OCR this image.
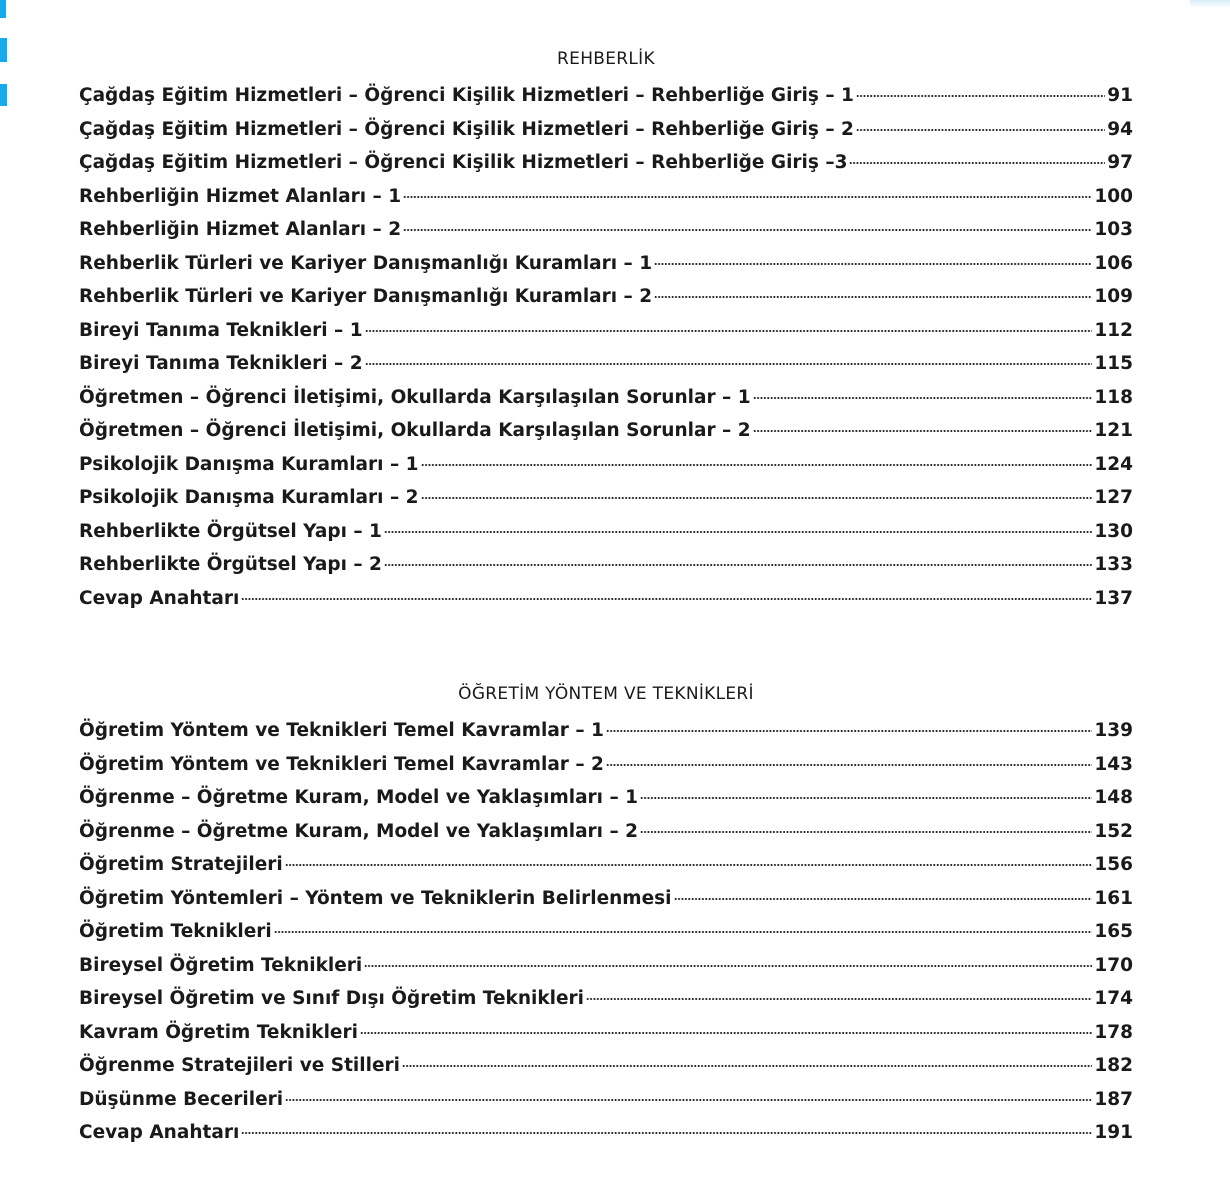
REHBERLİK
Çağdaş Eğitim Hizmetleri – Öğrenci Kişilik Hizmetleri – Rehberliğe Giriş – 1	91
Çağdaş Eğitim Hizmetleri – Öğrenci Kişilik Hizmetleri – Rehberliğe Giriş – 2	94
Çağdaş Eğitim Hizmetleri – Öğrenci Kişilik Hizmetleri – Rehberliğe Giriş –3	97
Rehberliğin Hizmet Alanları – 1	100
Rehberliğin Hizmet Alanları – 2	103
Rehberlik Türleri ve Kariyer Danışmanlığı Kuramları – 1	106
Rehberlik Türleri ve Kariyer Danışmanlığı Kuramları – 2	109
Bireyi Tanıma Teknikleri – 1	112
Bireyi Tanıma Teknikleri – 2	115
Öğretmen – Öğrenci İletişimi, Okullarda Karşılaşılan Sorunlar – 1	118
Öğretmen – Öğrenci İletişimi, Okullarda Karşılaşılan Sorunlar – 2	121
Psikolojik Danışma Kuramları – 1	124
Psikolojik Danışma Kuramları – 2	127
Rehberlikte Örgütsel Yapı – 1	130
Rehberlikte Örgütsel Yapı – 2	133
Cevap Anahtarı	137
ÖĞRETİM YÖNTEM VE TEKNİKLERİ
Öğretim Yöntem ve Teknikleri Temel Kavramlar – 1	139
Öğretim Yöntem ve Teknikleri Temel Kavramlar – 2	143
Öğrenme – Öğretme Kuram, Model ve Yaklaşımları – 1	148
Öğrenme – Öğretme Kuram, Model ve Yaklaşımları – 2	152
Öğretim Stratejileri	156
Öğretim Yöntemleri – Yöntem ve Tekniklerin Belirlenmesi	161
Öğretim Teknikleri	165
Bireysel Öğretim Teknikleri	170
Bireysel Öğretim ve Sınıf Dışı Öğretim Teknikleri	174
Kavram Öğretim Teknikleri	178
Öğrenme Stratejileri ve Stilleri	182
Düşünme Becerileri	187
Cevap Anahtarı	191
